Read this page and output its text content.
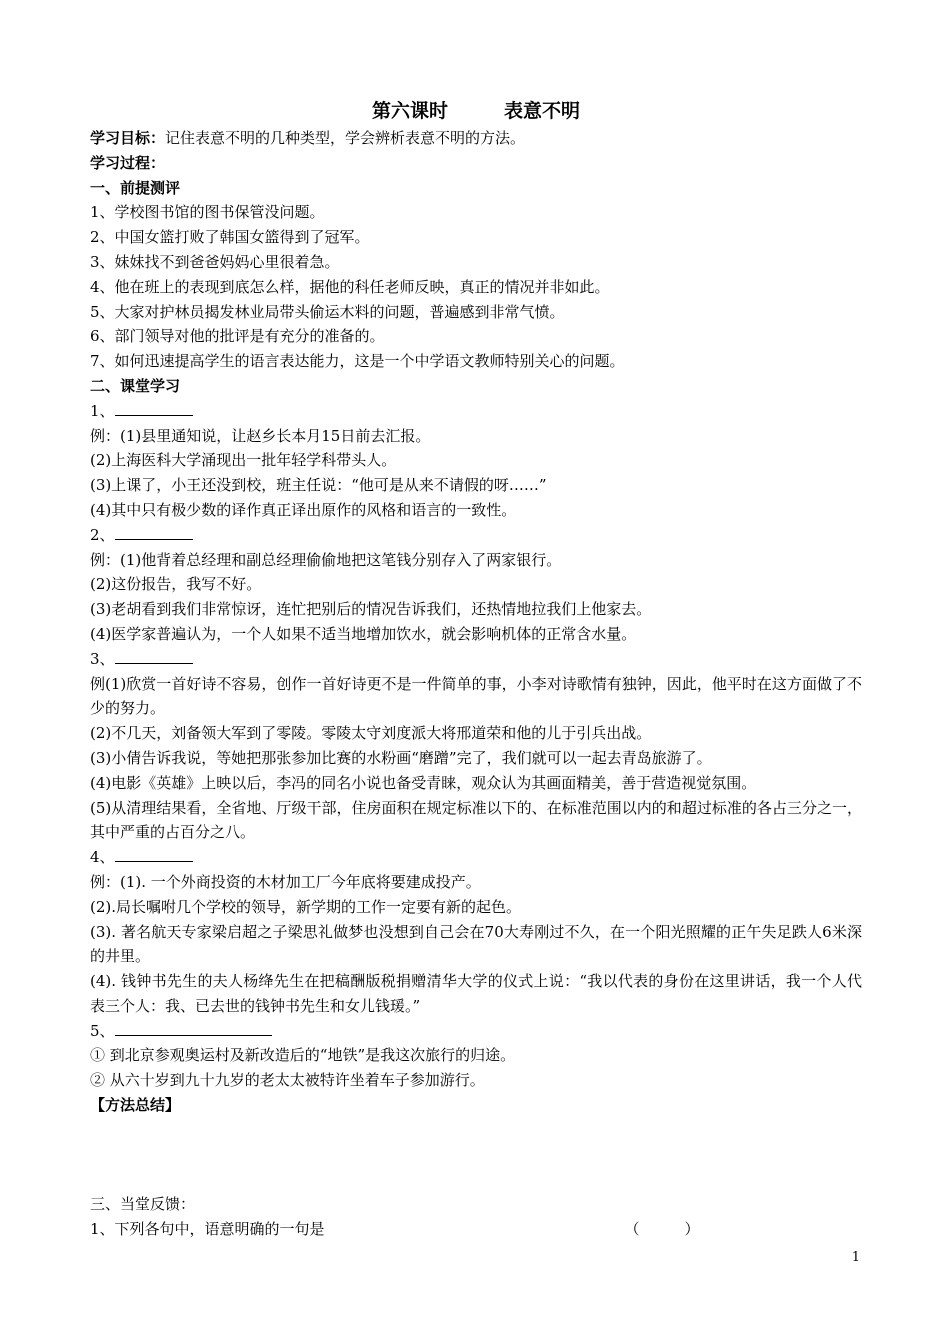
第六课时	表意不明
学习目标：记住表意不明的几种类型，学会辨析表意不明的方法。
学习过程：
一、前提测评
1、学校图书馆的图书保管没问题。
2、中国女篮打败了韩国女篮得到了冠军。
3、妹妹找不到爸爸妈妈心里很着急。
4、他在班上的表现到底怎么样，据他的科任老师反映，真正的情况并非如此。
5、大家对护林员揭发林业局带头偷运木料的问题，普遍感到非常气愤。
6、部门领导对他的批评是有充分的准备的。
7、如何迅速提高学生的语言表达能力，这是一个中学语文教师特别关心的问题。
二、课堂学习
1、
例：(1)县里通知说，让赵乡长本月15日前去汇报。
(2)上海医科大学涌现出一批年轻学科带头人。
(3)上课了，小王还没到校，班主任说：“他可是从来不请假的呀……”
(4)其中只有极少数的译作真正译出原作的风格和语言的一致性。
2、
例：(1)他背着总经理和副总经理偷偷地把这笔钱分别存入了两家银行。
(2)这份报告，我写不好。
(3)老胡看到我们非常惊讶，连忙把别后的情况告诉我们，还热情地拉我们上他家去。
(4)医学家普遍认为，一个人如果不适当地增加饮水，就会影响机体的正常含水量。
3、
例(1)欣赏一首好诗不容易，创作一首好诗更不是一件简单的事，小李对诗歌情有独钟，因此，他平时在这方面做了不少的努力。
(2)不几天，刘备领大军到了零陵。零陵太守刘度派大将邢道荣和他的儿于引兵出战。
(3)小倩告诉我说，等她把那张参加比赛的水粉画“磨蹭”完了，我们就可以一起去青岛旅游了。
(4)电影《英雄》上映以后，李冯的同名小说也备受青睐，观众认为其画面精美，善于营造视觉氛围。
(5)从清理结果看，全省地、厅级干部，住房面积在规定标准以下的、在标准范围以内的和超过标准的各占三分之一，其中严重的占百分之八。
4、
例：(1). 一个外商投资的木材加工厂今年底将要建成投产。
(2).局长嘱咐几个学校的领导，新学期的工作一定要有新的起色。
(3). 著名航天专家梁启超之子梁思礼做梦也没想到自己会在70大寿刚过不久，在一个阳光照耀的正午失足跌人6米深的井里。
(4). 钱钟书先生的夫人杨绛先生在把稿酬版税捐赠清华大学的仪式上说：“我以代表的身份在这里讲话，我一个人代表三个人：我、已去世的钱钟书先生和女儿钱瑗。”
5、
① 到北京参观奥运村及新改造后的“地铁”是我这次旅行的归途。
② 从六十岁到九十九岁的老太太被特许坐着车子参加游行。
【方法总结】
三、当堂反馈：
1、下列各句中，语意明确的一句是	（　　　）
1
